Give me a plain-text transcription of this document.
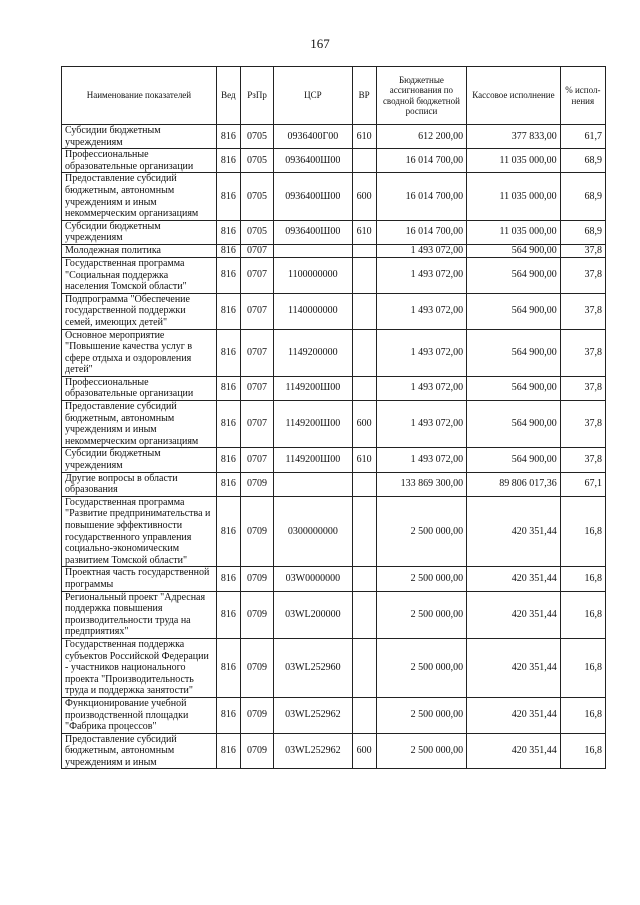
167
Наименование показателей	Вед	РзПр	ЦСР	ВР	Бюджетные ассигнования по сводной бюджетной росписи	Кассовое исполнение	% испол-нения
Субсидии бюджетным учреждениям	816	0705	0936400Г00	610	612 200,00	377 833,00	61,7
Профессиональные образовательные организации	816	0705	0936400Ш00		16 014 700,00	11 035 000,00	68,9
Предоставление субсидий бюджетным, автономным учреждениям и иным некоммерческим организациям	816	0705	0936400Ш00	600	16 014 700,00	11 035 000,00	68,9
Субсидии бюджетным учреждениям	816	0705	0936400Ш00	610	16 014 700,00	11 035 000,00	68,9
Молодежная политика	816	0707			1 493 072,00	564 900,00	37,8
Государственная программа "Социальная поддержка населения Томской области"	816	0707	1100000000		1 493 072,00	564 900,00	37,8
Подпрограмма "Обеспечение государственной поддержки семей, имеющих детей"	816	0707	1140000000		1 493 072,00	564 900,00	37,8
Основное мероприятие "Повышение качества услуг в сфере отдыха и оздоровления детей"	816	0707	1149200000		1 493 072,00	564 900,00	37,8
Профессиональные образовательные организации	816	0707	1149200Ш00		1 493 072,00	564 900,00	37,8
Предоставление субсидий бюджетным, автономным учреждениям и иным некоммерческим организациям	816	0707	1149200Ш00	600	1 493 072,00	564 900,00	37,8
Субсидии бюджетным учреждениям	816	0707	1149200Ш00	610	1 493 072,00	564 900,00	37,8
Другие вопросы в области образования	816	0709			133 869 300,00	89 806 017,36	67,1
Государственная программа "Развитие предпринимательства и повышение эффективности государственного управления социально-экономическим развитием Томской области"	816	0709	0300000000		2 500 000,00	420 351,44	16,8
Проектная часть государственной программы	816	0709	03W0000000		2 500 000,00	420 351,44	16,8
Региональный проект "Адресная поддержка повышения производительности труда на предприятиях"	816	0709	03WL200000		2 500 000,00	420 351,44	16,8
Государственная поддержка субъектов Российской Федерации - участников национального проекта "Производительность труда и поддержка занятости"	816	0709	03WL252960		2 500 000,00	420 351,44	16,8
Функционирование учебной производственной площадки "Фабрика процессов"	816	0709	03WL252962		2 500 000,00	420 351,44	16,8
Предоставление субсидий бюджетным, автономным учреждениям и иным	816	0709	03WL252962	600	2 500 000,00	420 351,44	16,8
